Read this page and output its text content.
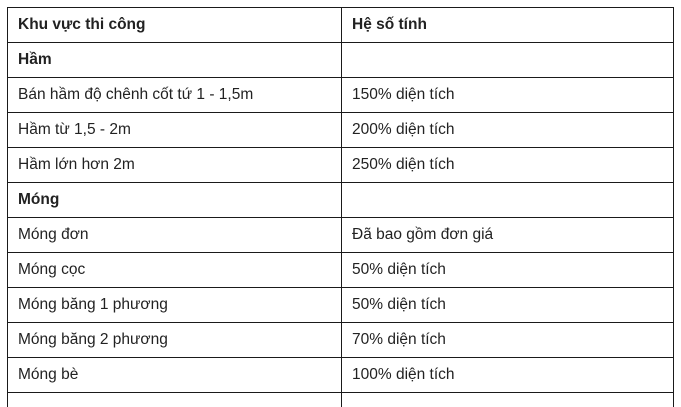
Khu vực thi công	Hệ số tính
Hầm	
Bán hầm độ chênh cốt tứ 1 - 1,5m	150% diện tích
Hầm từ 1,5 - 2m	200% diện tích
Hầm lớn hơn 2m	250% diện tích
Móng	
Móng đơn	Đã bao gồm đơn giá
Móng cọc	50% diện tích
Móng băng 1 phương	50% diện tích
Móng băng 2 phương	70% diện tích
Móng bè	100% diện tích
